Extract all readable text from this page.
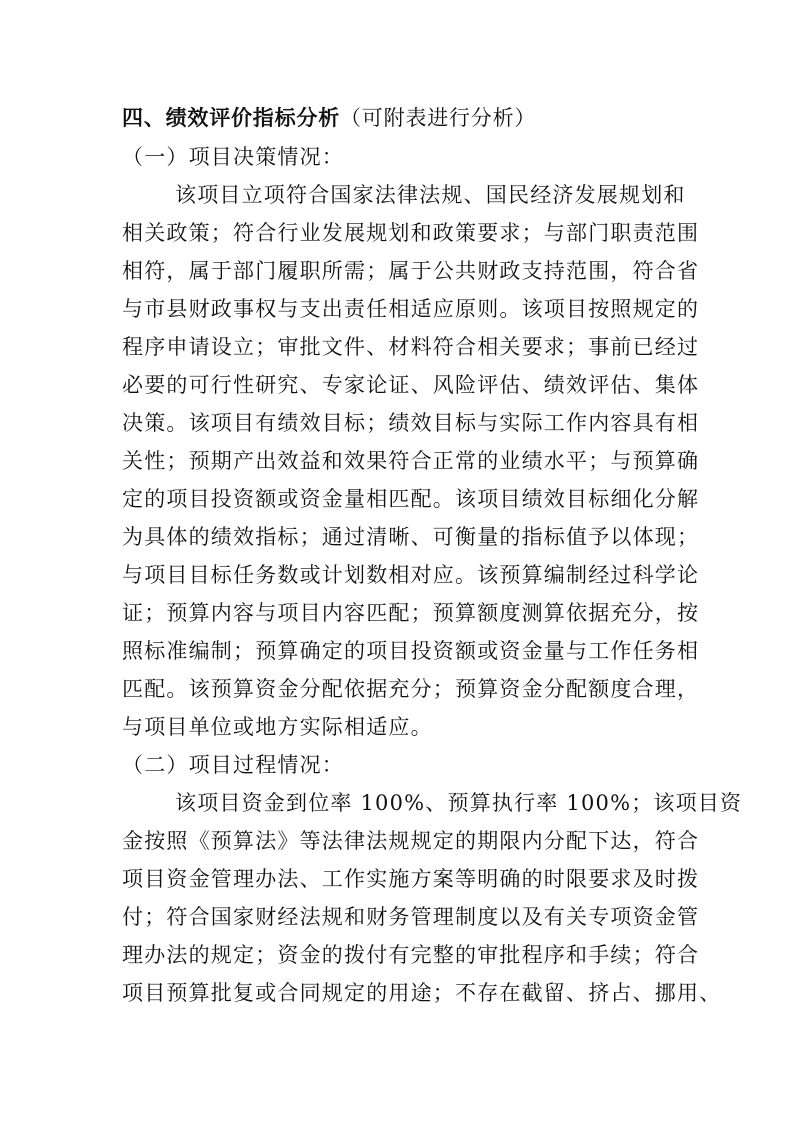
四、绩效评价指标分析（可附表进行分析）
（一）项目决策情况：
该项目立项符合国家法律法规、国民经济发展规划和
相关政策；符合行业发展规划和政策要求；与部门职责范围
相符，属于部门履职所需；属于公共财政支持范围，符合省
与市县财政事权与支出责任相适应原则。该项目按照规定的
程序申请设立；审批文件、材料符合相关要求；事前已经过
必要的可行性研究、专家论证、风险评估、绩效评估、集体
决策。该项目有绩效目标；绩效目标与实际工作内容具有相
关性；预期产出效益和效果符合正常的业绩水平；与预算确
定的项目投资额或资金量相匹配。该项目绩效目标细化分解
为具体的绩效指标；通过清晰、可衡量的指标值予以体现；
与项目目标任务数或计划数相对应。该预算编制经过科学论
证；预算内容与项目内容匹配；预算额度测算依据充分，按
照标准编制；预算确定的项目投资额或资金量与工作任务相
匹配。该预算资金分配依据充分；预算资金分配额度合理，
与项目单位或地方实际相适应。
（二）项目过程情况：
该项目资金到位率 100%、预算执行率 100%；该项目资
金按照《预算法》等法律法规规定的期限内分配下达，符合
项目资金管理办法、工作实施方案等明确的时限要求及时拨
付；符合国家财经法规和财务管理制度以及有关专项资金管
理办法的规定；资金的拨付有完整的审批程序和手续；符合
项目预算批复或合同规定的用途；不存在截留、挤占、挪用、
